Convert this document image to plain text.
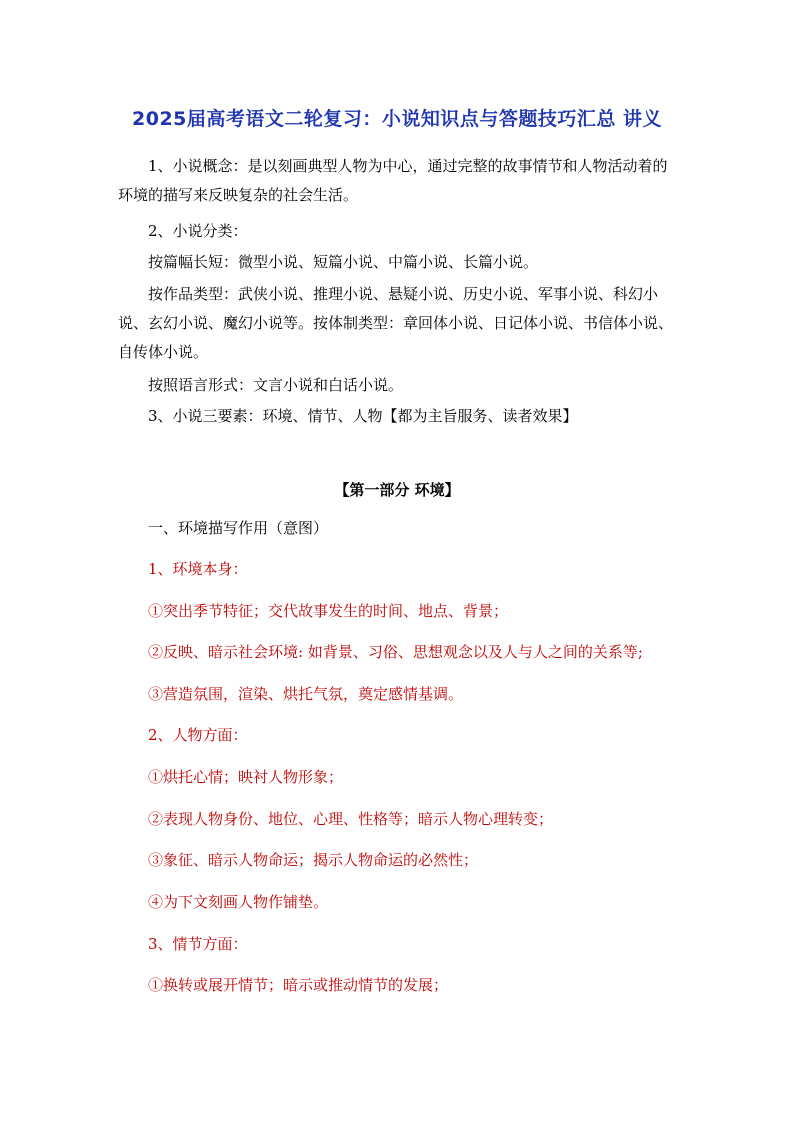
2025届高考语文二轮复习：小说知识点与答题技巧汇总 讲义

1、小说概念：是以刻画典型人物为中心，通过完整的故事情节和人物活动着的环境的描写来反映复杂的社会生活。

2、小说分类：

按篇幅长短：微型小说、短篇小说、中篇小说、长篇小说。

按作品类型：武侠小说、推理小说、悬疑小说、历史小说、军事小说、科幻小说、玄幻小说、魔幻小说等。按体制类型：章回体小说、日记体小说、书信体小说、自传体小说。

按照语言形式：文言小说和白话小说。

3、小说三要素：环境、情节、人物【都为主旨服务、读者效果】

【第一部分 环境】

一、环境描写作用（意图）

1、环境本身：

①突出季节特征；交代故事发生的时间、地点、背景；

②反映、暗示社会环境: 如背景、习俗、思想观念以及人与人之间的关系等;

③营造氛围，渲染、烘托气氛，奠定感情基调。

2、人物方面：

①烘托心情；映衬人物形象；

②表现人物身份、地位、心理、性格等；暗示人物心理转变；

③象征、暗示人物命运；揭示人物命运的必然性；

④为下文刻画人物作铺垫。

3、情节方面：

①换转或展开情节；暗示或推动情节的发展；
